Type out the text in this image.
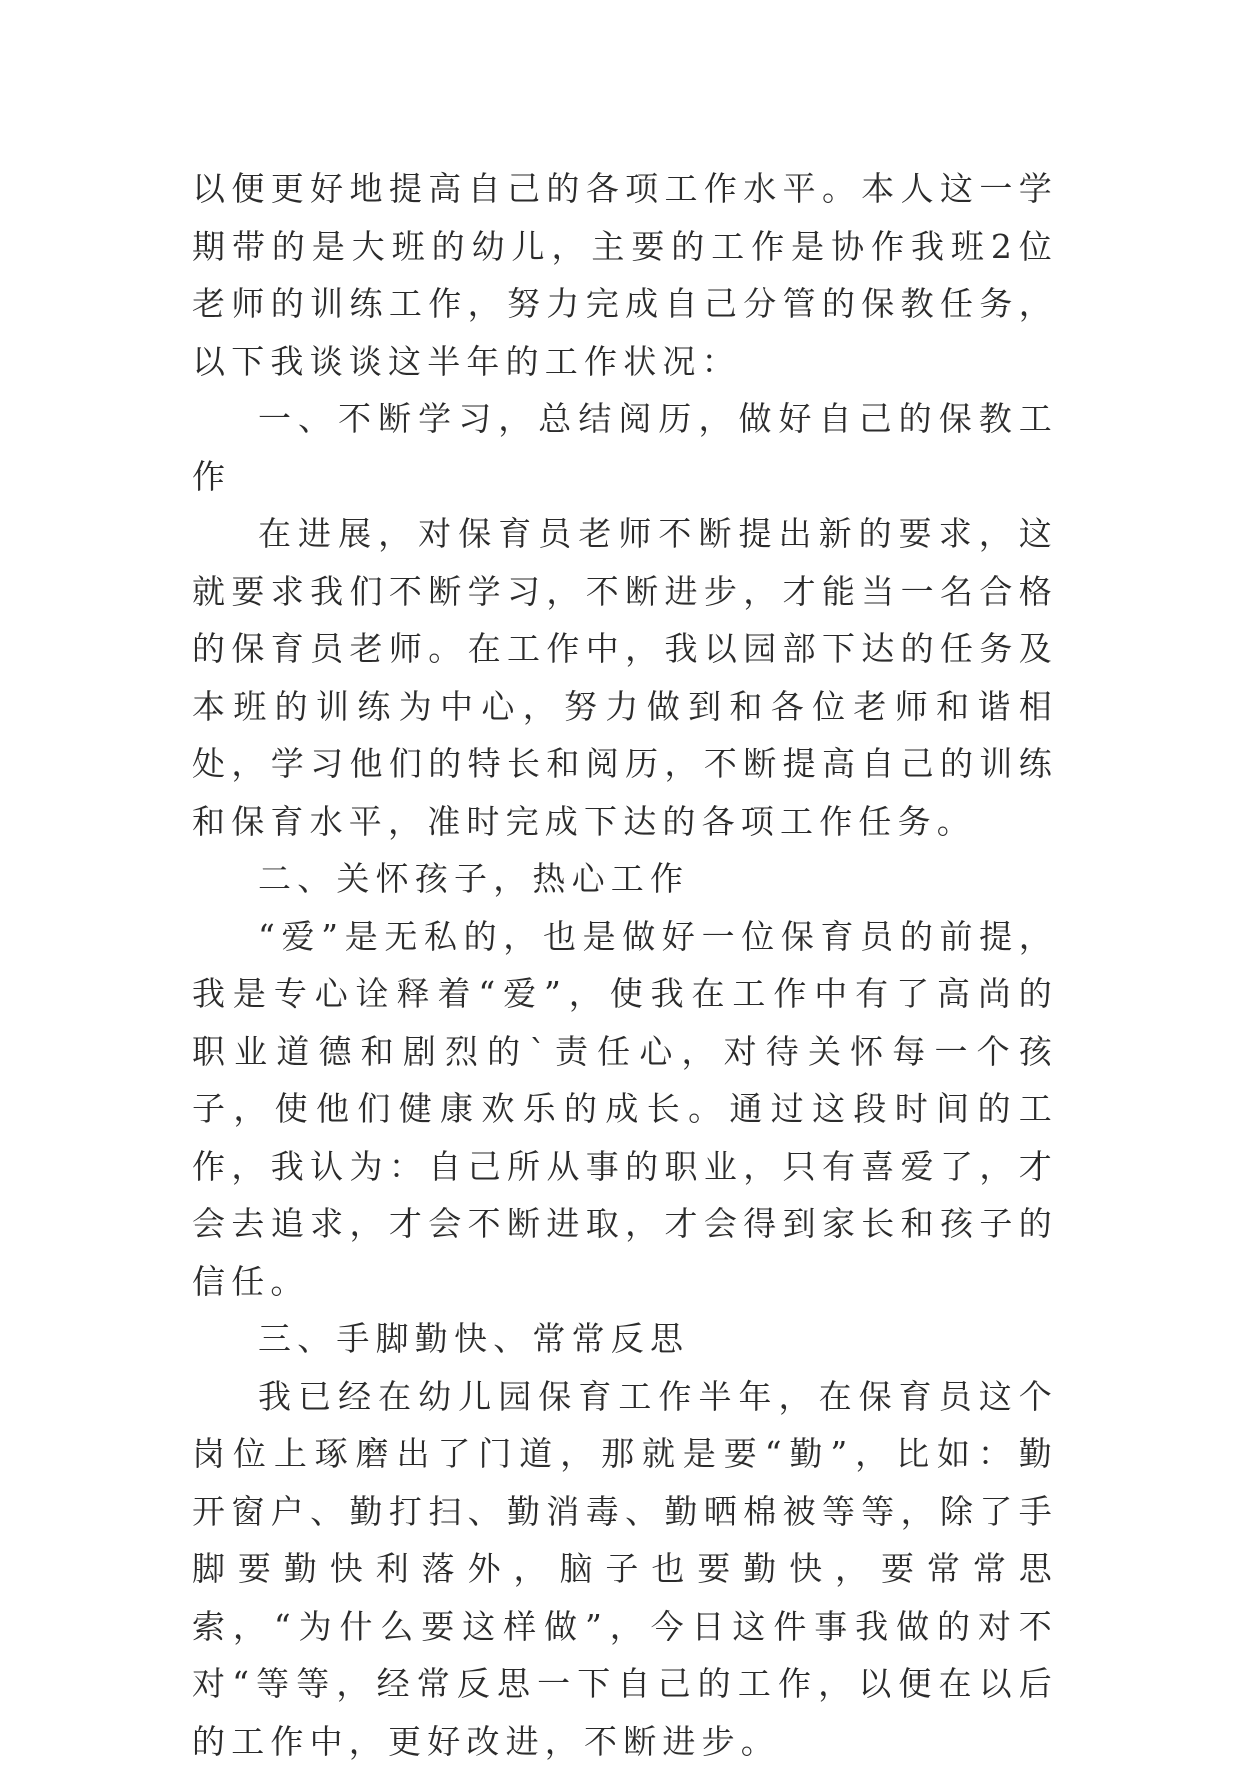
以便更好地提高自己的各项工作水平。本人这一学期带的是大班的幼儿，主要的工作是协作我班2位老师的训练工作，努力完成自己分管的保教任务，以下我谈谈这半年的工作状况：

一、不断学习，总结阅历，做好自己的保教工作

在进展，对保育员老师不断提出新的要求，这就要求我们不断学习，不断进步，才能当一名合格的保育员老师。在工作中，我以园部下达的任务及本班的训练为中心，努力做到和各位老师和谐相处，学习他们的特长和阅历，不断提高自己的训练和保育水平，准时完成下达的各项工作任务。

二、关怀孩子，热心工作

“爱”是无私的，也是做好一位保育员的前提，我是专心诠释着“爱”，使我在工作中有了高尚的职业道德和剧烈的`责任心，对待关怀每一个孩子，使他们健康欢乐的成长。通过这段时间的工作，我认为：自己所从事的职业，只有喜爱了，才会去追求，才会不断进取，才会得到家长和孩子的信任。

三、手脚勤快、常常反思

我已经在幼儿园保育工作半年，在保育员这个岗位上琢磨出了门道，那就是要“勤”，比如：勤开窗户、勤打扫、勤消毒、勤晒棉被等等，除了手脚要勤快利落外，脑子也要勤快，要常常思索，“为什么要这样做”，今日这件事我做的对不对“等等，经常反思一下自己的工作，以便在以后的工作中，更好改进，不断进步。
